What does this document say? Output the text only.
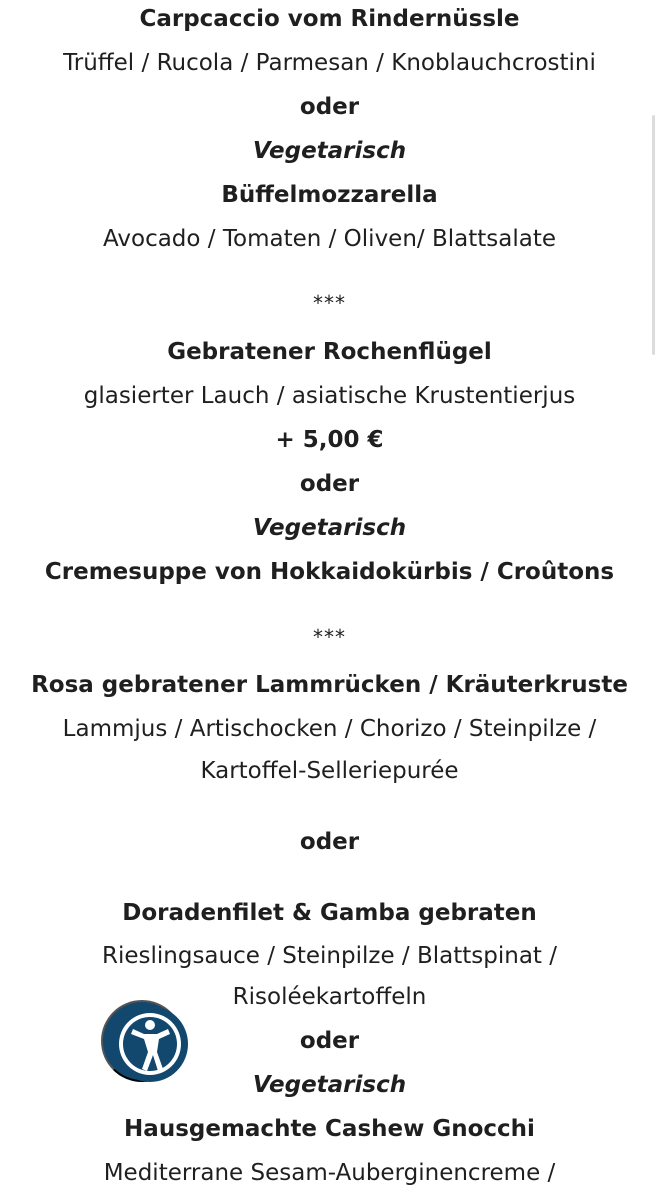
Carpcaccio vom Rindernüssle
Trüffel / Rucola / Parmesan / Knoblauchcrostini
oder
Vegetarisch
Büffelmozzarella
Avocado / Tomaten / Oliven/ Blattsalate
***
Gebratener Rochenflügel
glasierter Lauch / asiatische Krustentierjus
+ 5,00 €
oder
Vegetarisch
Cremesuppe von Hokkaidokürbis / Croûtons
***
Rosa gebratener Lammrücken / Kräuterkruste
Lammjus / Artischocken / Chorizo / Steinpilze /
Kartoffel-Selleriepurée
oder
Doradenfilet & Gamba gebraten
Rieslingsauce / Steinpilze / Blattspinat /
Risoléekartoffeln
oder
Vegetarisch
Hausgemachte Cashew Gnocchi
Mediterrane Sesam-Auberginencreme /
